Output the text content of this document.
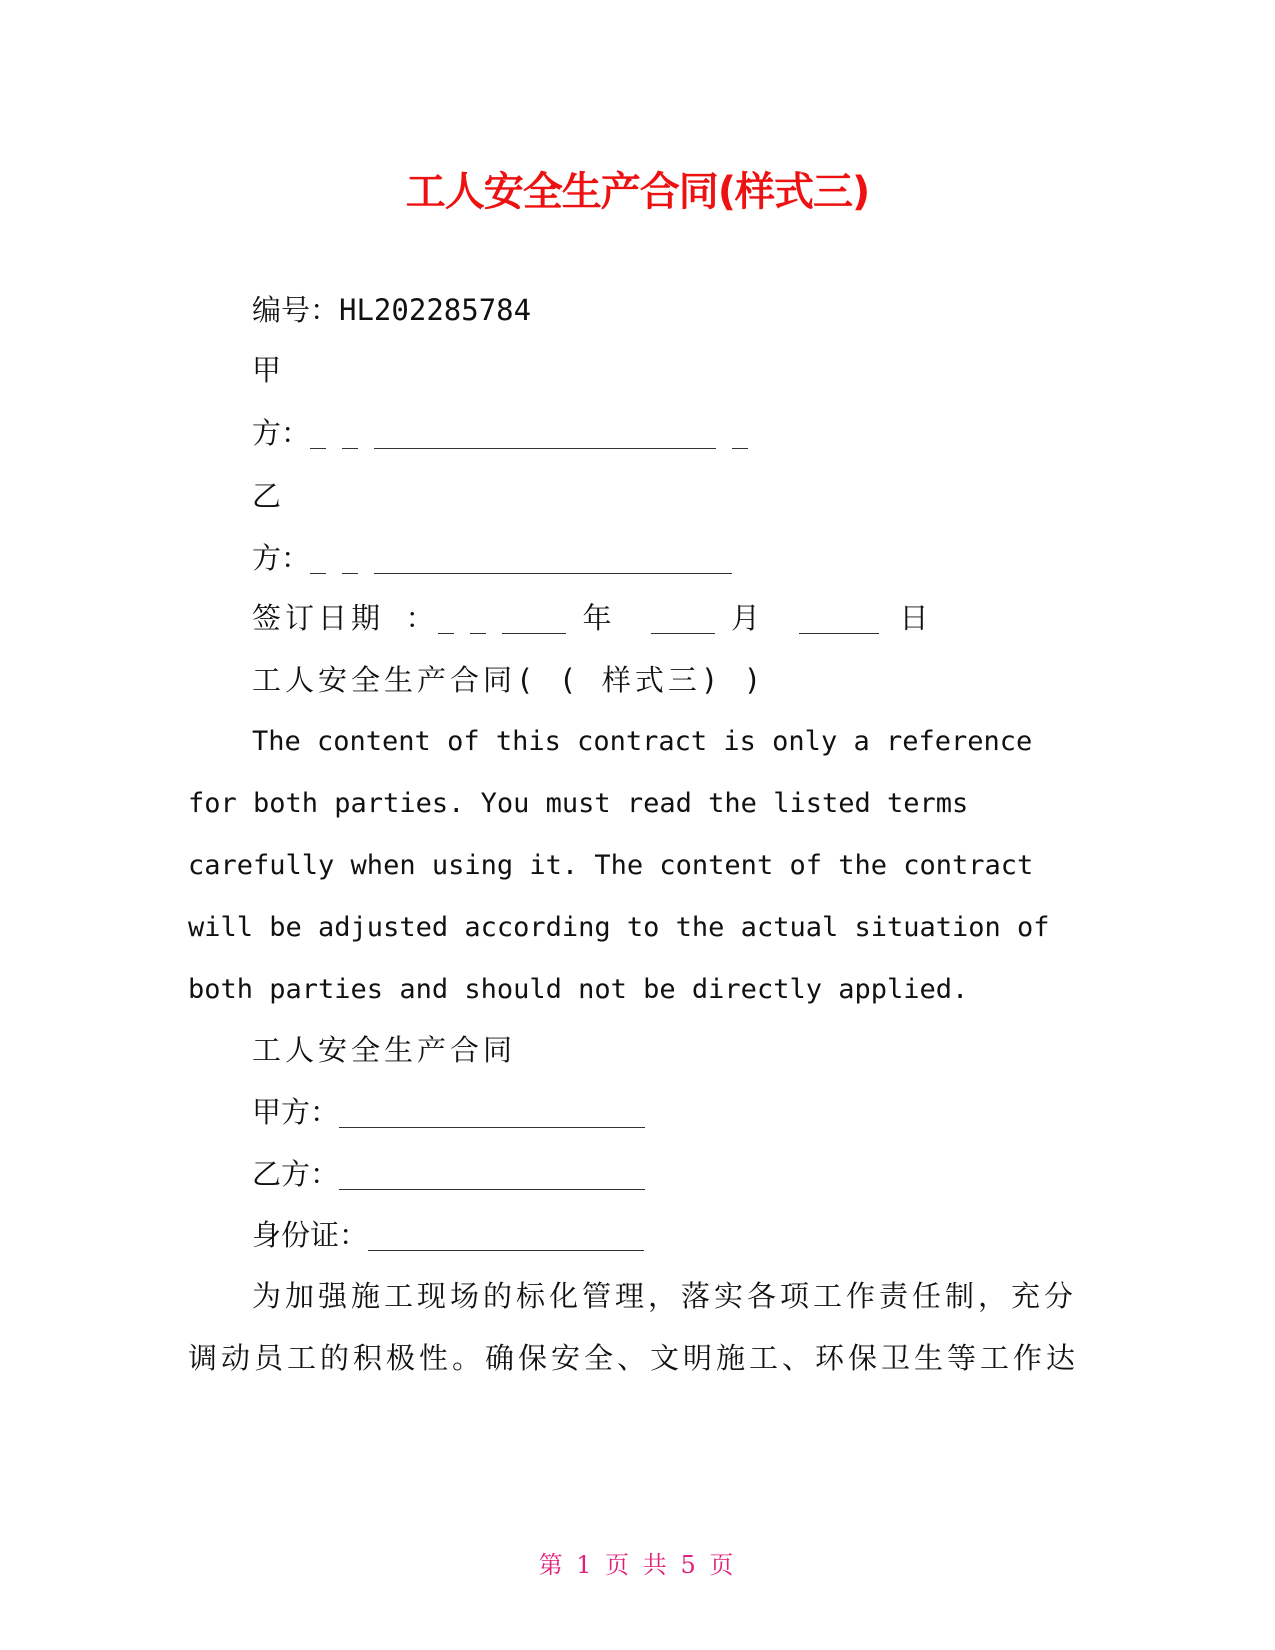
工人安全生产合同(样式三)
编号：HL202285784
甲
方：
乙
方：
签订日期 ：	年	月	日
工人安全生产合同( ( 样式三) )
The content of this contract is only a reference
for both parties. You must read the listed terms
carefully when using it. The content of the contract
will be adjusted according to the actual situation of
both parties and should not be directly applied.
工人安全生产合同
甲方：
乙方：
身份证：
为加强施工现场的标化管理，落实各项工作责任制，充分
调动员工的积极性。确保安全、文明施工、环保卫生等工作达
第 1 页 共 5 页
